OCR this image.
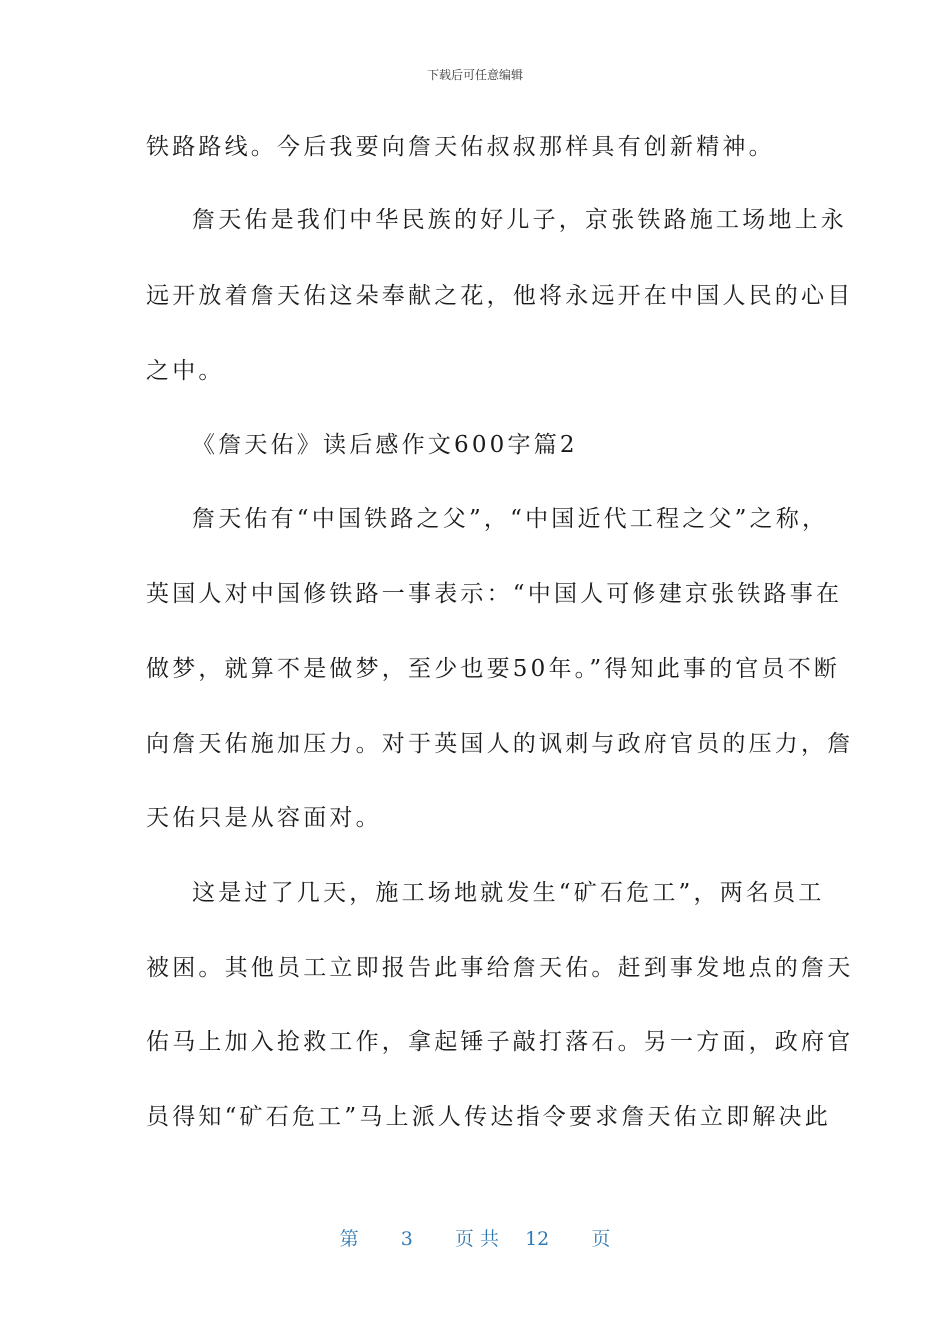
下载后可任意编辑
铁路路线。今后我要向詹天佑叔叔那样具有创新精神。
詹天佑是我们中华民族的好儿子，京张铁路施工场地上永
远开放着詹天佑这朵奉献之花，他将永远开在中国人民的心目
之中。
《詹天佑》读后感作文600字篇2
詹天佑有“中国铁路之父”，“中国近代工程之父”之称，
英国人对中国修铁路一事表示：“中国人可修建京张铁路事在
做梦，就算不是做梦，至少也要50年。”得知此事的官员不断
向詹天佑施加压力。对于英国人的讽刺与政府官员的压力，詹
天佑只是从容面对。
这是过了几天，施工场地就发生“矿石危工”，两名员工
被困。其他员工立即报告此事给詹天佑。赶到事发地点的詹天
佑马上加入抢救工作，拿起锤子敲打落石。另一方面，政府官
员得知“矿石危工”马上派人传达指令要求詹天佑立即解决此
第 3 页 共 12 页
